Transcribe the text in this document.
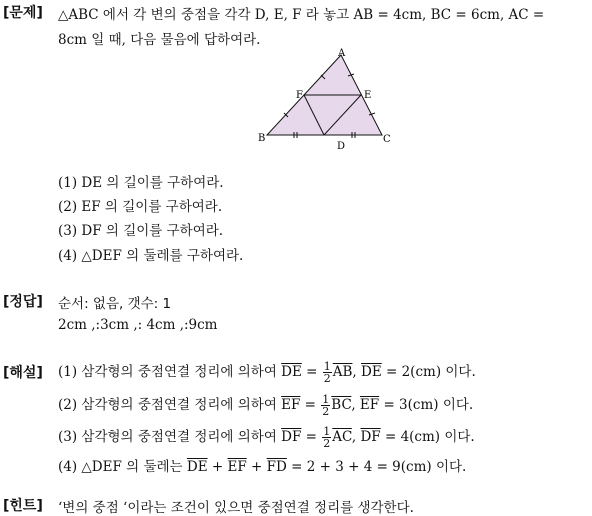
[문제] △ABC 에서 각 변의 중점을 각각 D, E, F 라 놓고 AB = 4cm, BC = 6cm, AC =
8cm 일 때, 다음 물음에 답하여라.
A
B	C
D
E
F
(1) DE 의 길이를 구하여라.
(2) EF 의 길이를 구하여라.
(3) DF 의 길이를 구하여라.
(4) △DEF 의 둘레를 구하여라.
[정답] 순서: 없음, 갯수: 1
2cm ,:3cm ,: 4cm ,:9cm
[해설] (1) 삼각형의 중점연결 정리에 의하여 $\overline{DE} = \frac{1}{2} \overline{AB}$, $\overline{DE} = 2(cm)$ 이다.
(2) 삼각형의 중점연결 정리에 의하여 $\overline{EF} = \frac{1}{2} \overline{BC}$, $\overline{EF} = 3(cm)$ 이다.
(3) 삼각형의 중점연결 정리에 의하여 $\overline{DF} = \frac{1}{2} \overline{AC}$, $\overline{DF} = 4(cm)$ 이다.
(4) △DEF 의 둘레는 $\overline{DE} + \overline{EF} + \overline{FD} = 2 + 3 + 4 = 9(cm)$ 이다.
[힌트] ‘변의 중점 ‘이라는 조건이 있으면 중점연결 정리를 생각한다.
